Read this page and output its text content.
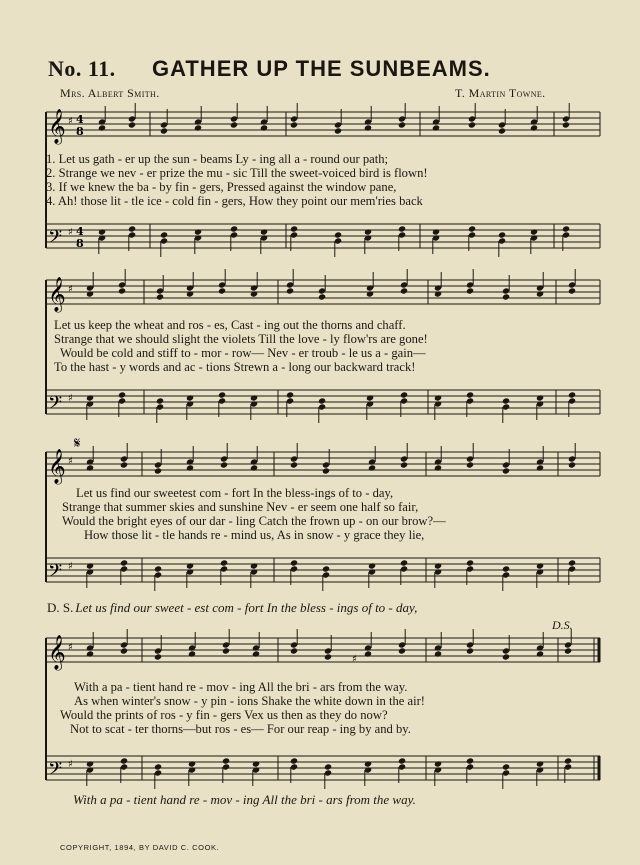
No. 11. GATHER UP THE SUNBEAMS.
Mrs. Albert Smith.	T. Martin Towne.
𝄞
𝄢
♯
♯
4
8
4
8
1. Let us gath - er up the sun - beams Ly - ing all a - round our path;
2. Strange we nev - er prize the mu - sic Till the sweet-voiced bird is flown!
3. If we knew the ba - by fin - gers, Pressed against the window pane,
4. Ah! those lit - tle ice - cold fin - gers, How they point our mem'ries back
𝄞
𝄢
♯
♯
Let us keep the wheat and ros - es, Cast - ing out the thorns and chaff.
Strange that we should slight the violets Till the love - ly flow'rs are gone!
Would be cold and stiff to - mor - row— Nev - er troub - le us a - gain—
To the hast - y words and ac - tions Strewn a - long our backward track!
𝄋
𝄞
𝄢
♯
♯
Let us find our sweetest com - fort In the bless-ings of to - day,
Strange that summer skies and sunshine Nev - er seem one half so fair,
Would the bright eyes of our dar - ling Catch the frown up - on our brow?—
How those lit - tle hands re - mind us, As in snow - y grace they lie,
D. S. Let us find our sweet - est com - fort In the bless - ings of to - day,
D.S.
𝄞
𝄢
♯
♯
♯
With a pa - tient hand re - mov - ing All the bri - ars from the way.
As when winter's snow - y pin - ions Shake the white down in the air!
Would the prints of ros - y fin - gers Vex us then as they do now?
Not to scat - ter thorns—but ros - es— For our reap - ing by and by.
With a pa - tient hand re - mov - ing All the bri - ars from the way.
COPYRIGHT, 1894, BY DAVID C. COOK.
